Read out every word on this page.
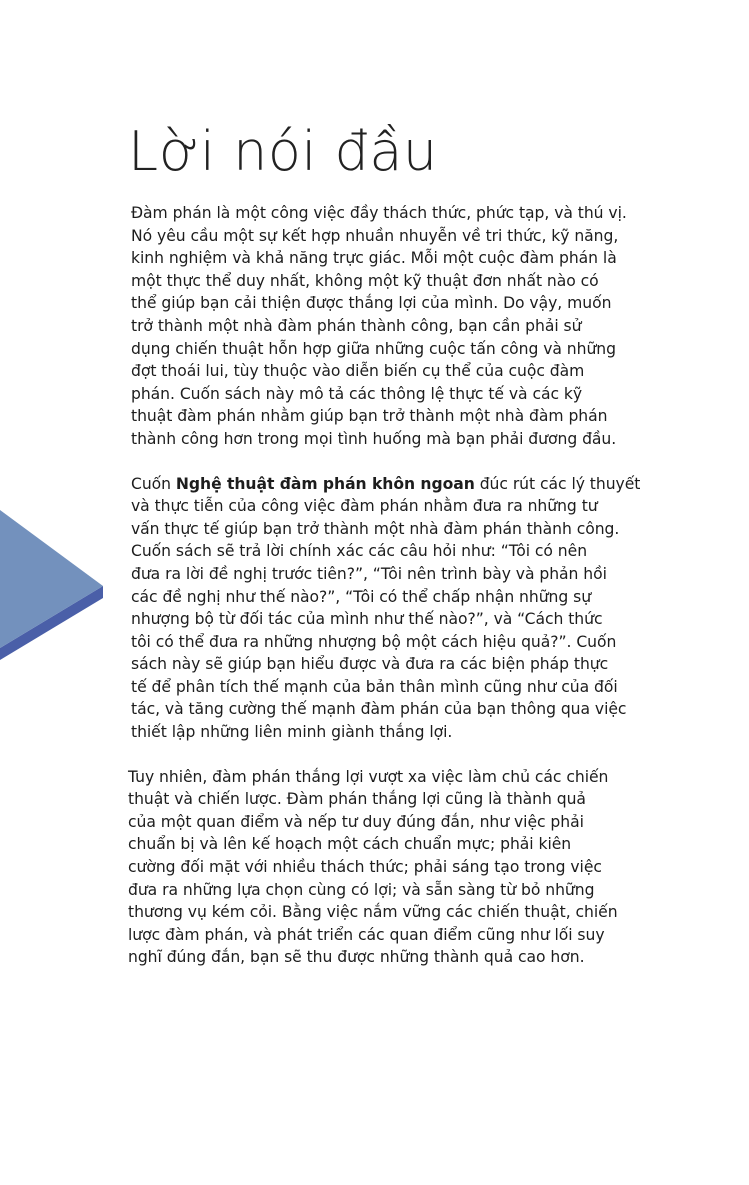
Lời nói đầu

Đàm phán là một công việc đầy thách thức, phức tạp, và thú vị.
Nó yêu cầu một sự kết hợp nhuần nhuyễn về tri thức, kỹ năng,
kinh nghiệm và khả năng trực giác. Mỗi một cuộc đàm phán là
một thực thể duy nhất, không một kỹ thuật đơn nhất nào có
thể giúp bạn cải thiện được thắng lợi của mình. Do vậy, muốn
trở thành một nhà đàm phán thành công, bạn cần phải sử
dụng chiến thuật hỗn hợp giữa những cuộc tấn công và những
đợt thoái lui, tùy thuộc vào diễn biến cụ thể của cuộc đàm
phán. Cuốn sách này mô tả các thông lệ thực tế và các kỹ
thuật đàm phán nhằm giúp bạn trở thành một nhà đàm phán
thành công hơn trong mọi tình huống mà bạn phải đương đầu.

Cuốn Nghệ thuật đàm phán khôn ngoan đúc rút các lý thuyết
và thực tiễn của công việc đàm phán nhằm đưa ra những tư
vấn thực tế giúp bạn trở thành một nhà đàm phán thành công.
Cuốn sách sẽ trả lời chính xác các câu hỏi như: “Tôi có nên
đưa ra lời đề nghị trước tiên?”, “Tôi nên trình bày và phản hồi
các đề nghị như thế nào?”, “Tôi có thể chấp nhận những sự
nhượng bộ từ đối tác của mình như thế nào?”, và “Cách thức
tôi có thể đưa ra những nhượng bộ một cách hiệu quả?”. Cuốn
sách này sẽ giúp bạn hiểu được và đưa ra các biện pháp thực
tế để phân tích thế mạnh của bản thân mình cũng như của đối
tác, và tăng cường thế mạnh đàm phán của bạn thông qua việc
thiết lập những liên minh giành thắng lợi.

Tuy nhiên, đàm phán thắng lợi vượt xa việc làm chủ các chiến
thuật và chiến lược. Đàm phán thắng lợi cũng là thành quả
của một quan điểm và nếp tư duy đúng đắn, như việc phải
chuẩn bị và lên kế hoạch một cách chuẩn mực; phải kiên
cường đối mặt với nhiều thách thức; phải sáng tạo trong việc
đưa ra những lựa chọn cùng có lợi; và sẵn sàng từ bỏ những
thương vụ kém cỏi. Bằng việc nắm vững các chiến thuật, chiến
lược đàm phán, và phát triển các quan điểm cũng như lối suy
nghĩ đúng đắn, bạn sẽ thu được những thành quả cao hơn.
